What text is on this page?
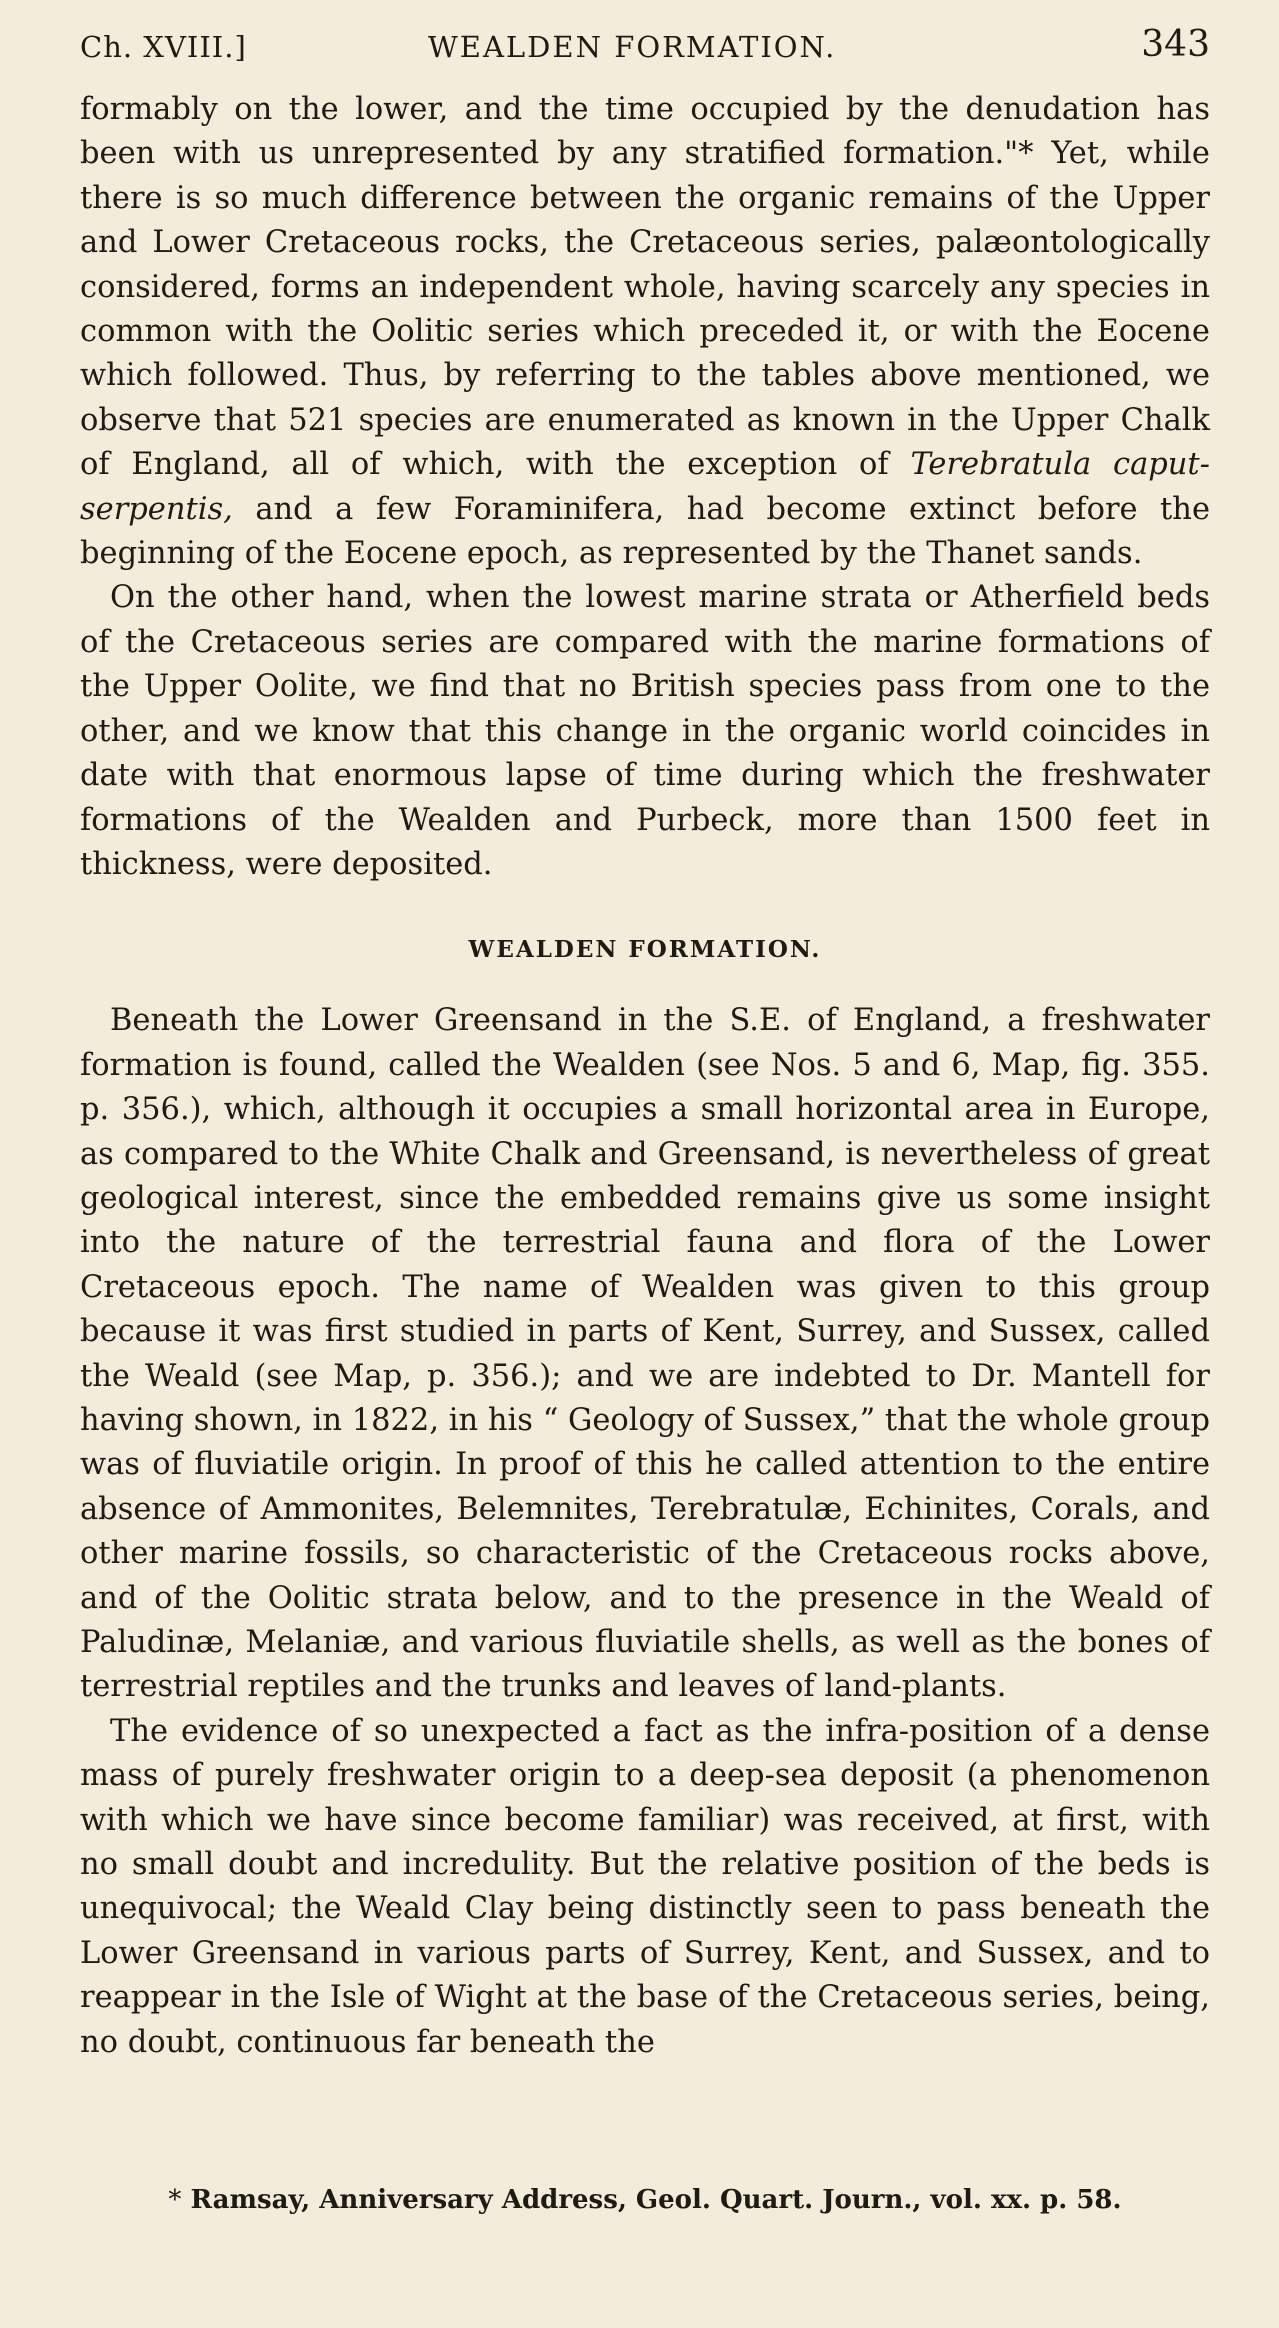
Ch. XVIII.]	WEALDEN FORMATION.	343

formably on the lower, and the time occupied by the denudation has been with us unrepresented by any stratified formation."* Yet, while there is so much difference between the organic remains of the Upper and Lower Cretaceous rocks, the Cretaceous series, palæontologically considered, forms an independent whole, having scarcely any species in common with the Oolitic series which preceded it, or with the Eocene which followed. Thus, by referring to the tables above mentioned, we observe that 521 species are enumerated as known in the Upper Chalk of England, all of which, with the exception of Terebratula caput-serpentis, and a few Foraminifera, had become extinct before the beginning of the Eocene epoch, as represented by the Thanet sands.

On the other hand, when the lowest marine strata or Atherfield beds of the Cretaceous series are compared with the marine formations of the Upper Oolite, we find that no British species pass from one to the other, and we know that this change in the organic world coincides in date with that enormous lapse of time during which the freshwater formations of the Wealden and Purbeck, more than 1500 feet in thickness, were deposited.

WEALDEN FORMATION.

Beneath the Lower Greensand in the S.E. of England, a freshwater formation is found, called the Wealden (see Nos. 5 and 6, Map, fig. 355. p. 356.), which, although it occupies a small horizontal area in Europe, as compared to the White Chalk and Greensand, is nevertheless of great geological interest, since the embedded remains give us some insight into the nature of the terrestrial fauna and flora of the Lower Cretaceous epoch. The name of Wealden was given to this group because it was first studied in parts of Kent, Surrey, and Sussex, called the Weald (see Map, p. 356.); and we are indebted to Dr. Mantell for having shown, in 1822, in his “ Geology of Sussex,” that the whole group was of fluviatile origin. In proof of this he called attention to the entire absence of Ammonites, Belemnites, Terebratulæ, Echinites, Corals, and other marine fossils, so characteristic of the Cretaceous rocks above, and of the Oolitic strata below, and to the presence in the Weald of Paludinæ, Melaniæ, and various fluviatile shells, as well as the bones of terrestrial reptiles and the trunks and leaves of land-plants.

The evidence of so unexpected a fact as the infra-position of a dense mass of purely freshwater origin to a deep-sea deposit (a phenomenon with which we have since become familiar) was received, at first, with no small doubt and incredulity. But the relative position of the beds is unequivocal; the Weald Clay being distinctly seen to pass beneath the Lower Greensand in various parts of Surrey, Kent, and Sussex, and to reappear in the Isle of Wight at the base of the Cretaceous series, being, no doubt, continuous far beneath the

* Ramsay, Anniversary Address, Geol. Quart. Journ., vol. xx. p. 58.
